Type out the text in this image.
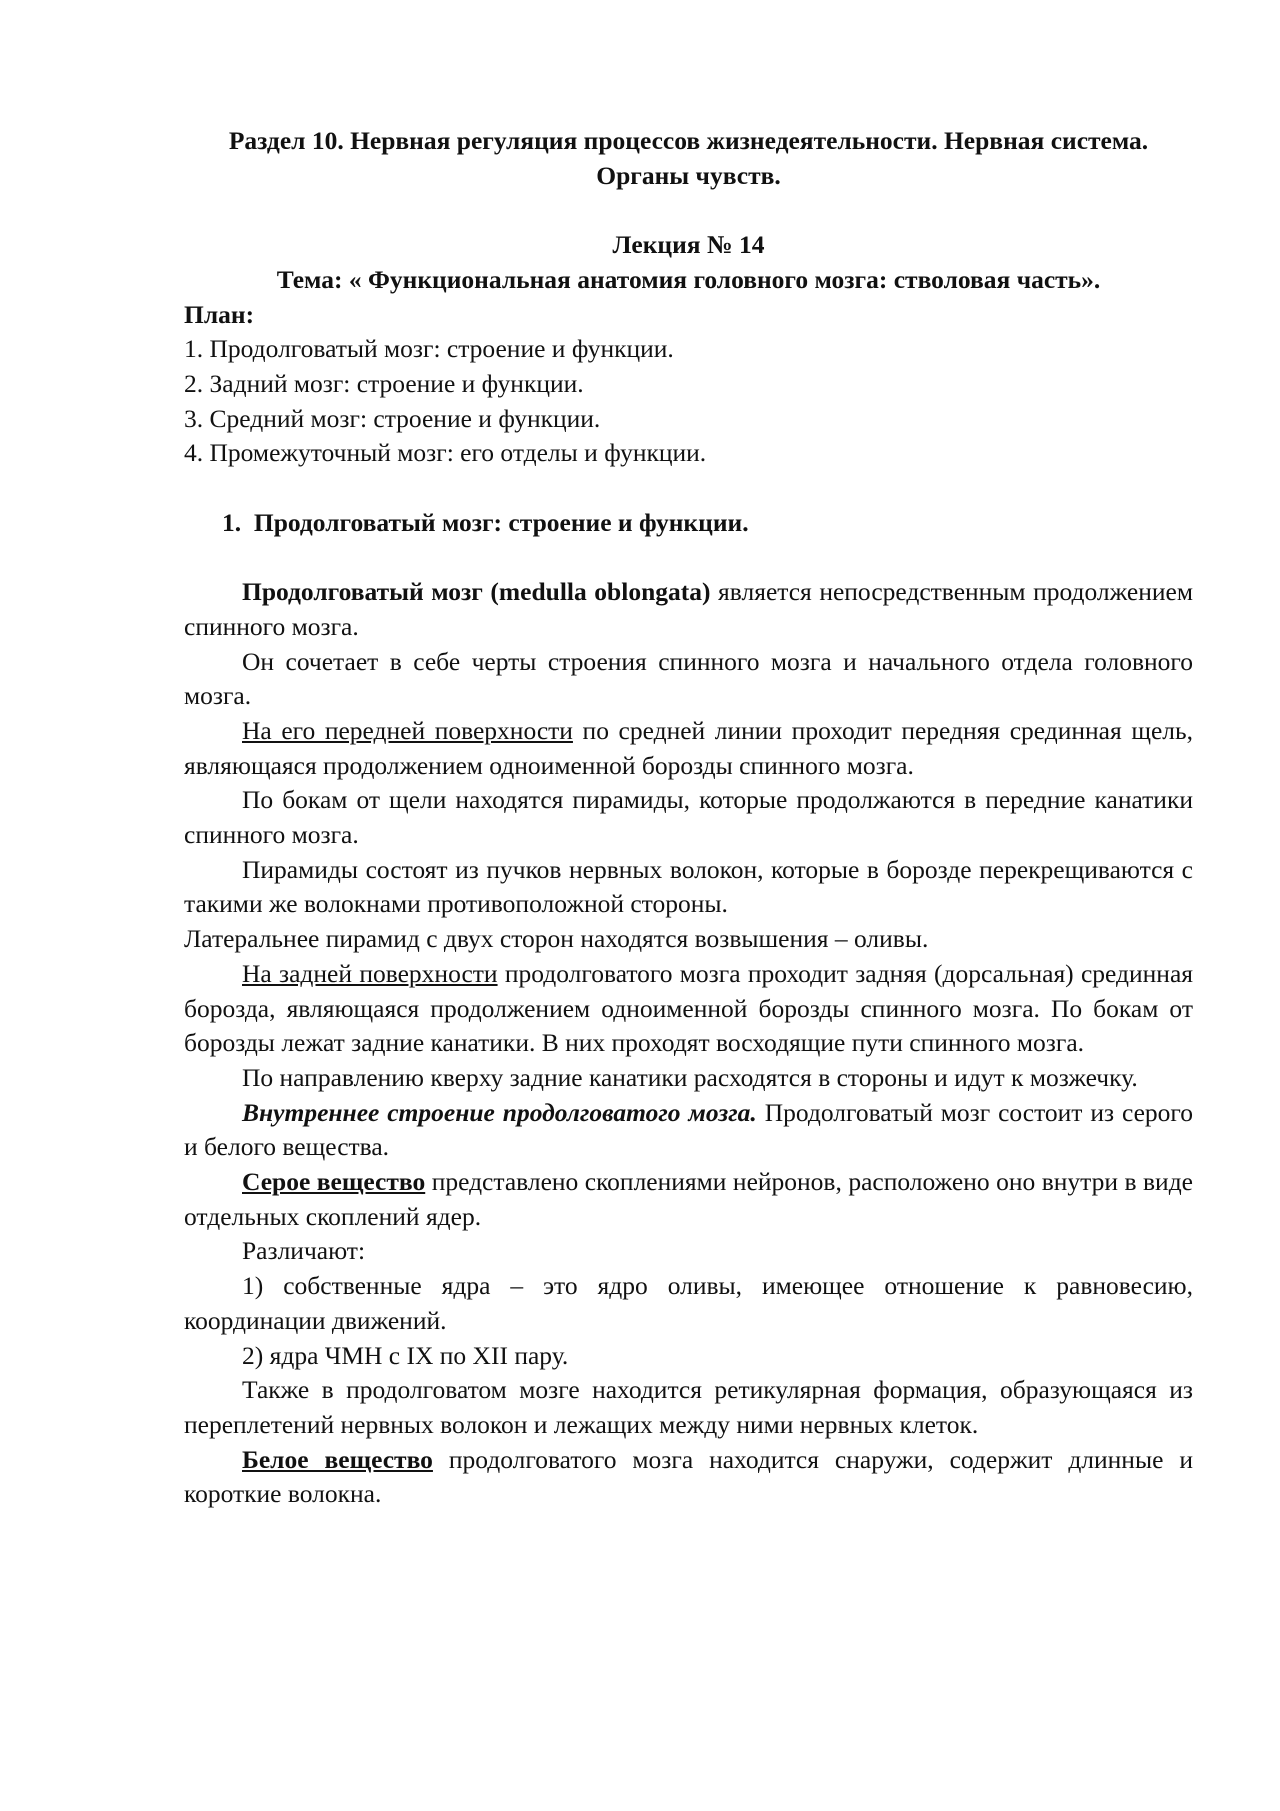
Раздел 10. Нервная регуляция процессов жизнедеятельности. Нервная система. Органы чувств.
Лекция № 14
Тема: « Функциональная анатомия головного мозга: стволовая часть».
План:
1. Продолговатый мозг: строение и функции.
2. Задний мозг: строение и функции.
3. Средний мозг: строение и функции.
4. Промежуточный мозг: его отделы и функции.
1. Продолговатый мозг: строение и функции.

Продолговатый мозг (medulla oblongata) является непосредственным продолжением спинного мозга.

Он сочетает в себе черты строения спинного мозга и начального отдела головного мозга.

На его передней поверхности по средней линии проходит передняя срединная щель, являющаяся продолжением одноименной борозды спинного мозга.

По бокам от щели находятся пирамиды, которые продолжаются в передние канатики спинного мозга.

Пирамиды состоят из пучков нервных волокон, которые в борозде перекрещиваются с такими же волокнами противоположной стороны.

Латеральнее пирамид с двух сторон находятся возвышения – оливы.

На задней поверхности продолговатого мозга проходит задняя (дорсальная) срединная борозда, являющаяся продолжением одноименной борозды спинного мозга. По бокам от борозды лежат задние канатики. В них проходят восходящие пути спинного мозга.

По направлению кверху задние канатики расходятся в стороны и идут к мозжечку.

Внутреннее строение продолговатого мозга. Продолговатый мозг состоит из серого и белого вещества.

Серое вещество представлено скоплениями нейронов, расположено оно внутри в виде отдельных скоплений ядер.

Различают:

1) собственные ядра – это ядро оливы, имеющее отношение к равновесию, координации движений.

2) ядра ЧМН с IX по XII пару.

Также в продолговатом мозге находится ретикулярная формация, образующаяся из переплетений нервных волокон и лежащих между ними нервных клеток.

Белое вещество продолговатого мозга находится снаружи, содержит длинные и короткие волокна.
